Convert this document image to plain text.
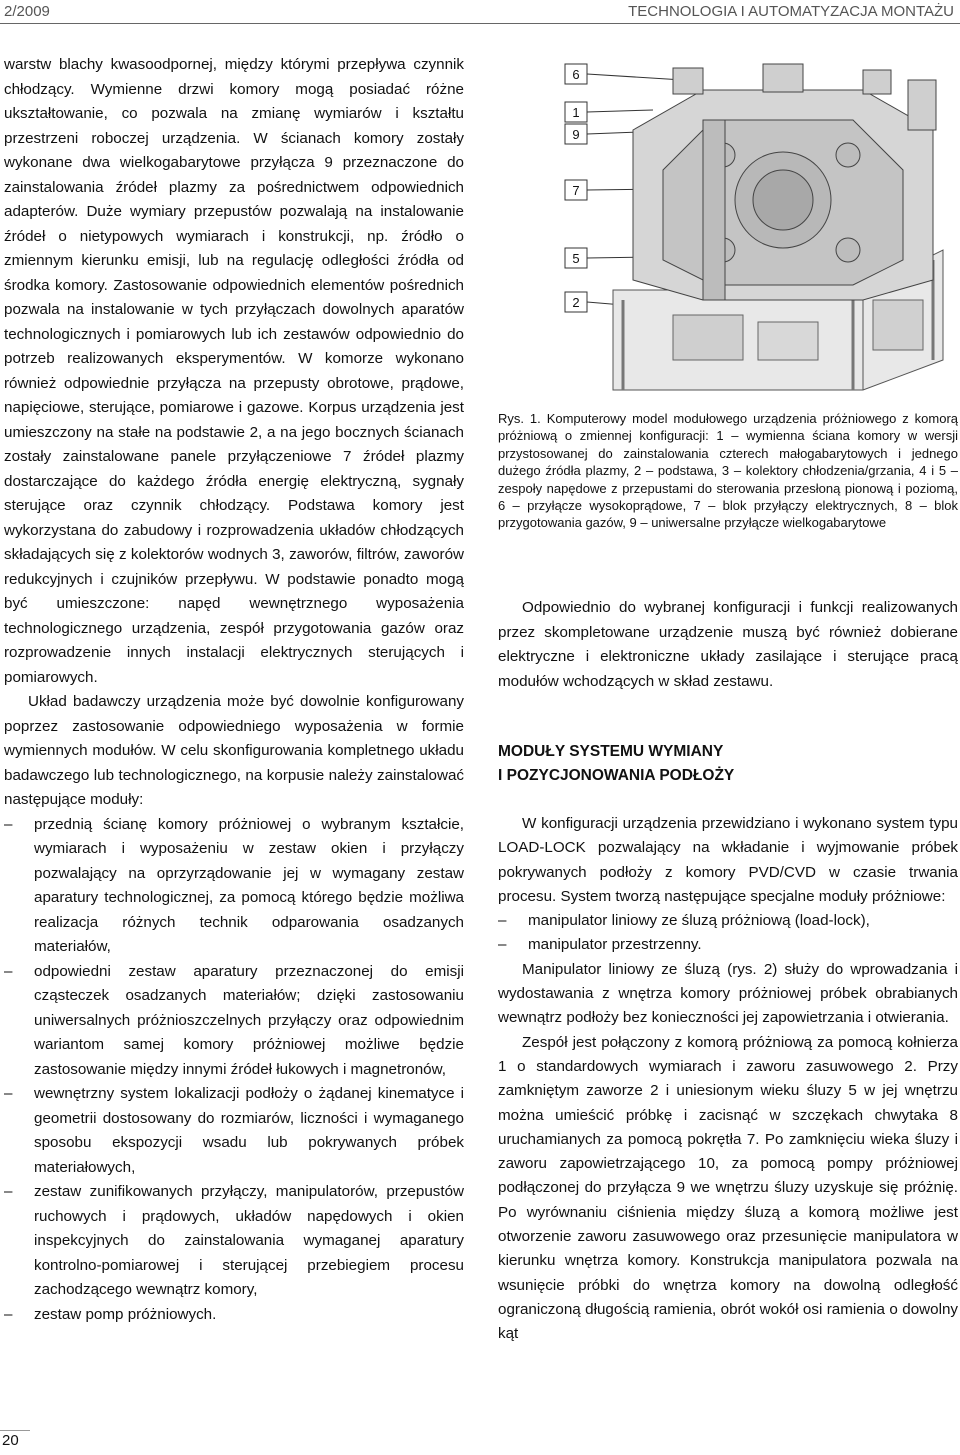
2/2009	TECHNOLOGIA I AUTOMATYZACJA MONTAŻU

warstw blachy kwasoodpornej, między którymi przepływa czynnik chłodzący. Wymienne drzwi komory mogą posiadać różne ukształtowanie, co pozwala na zmianę wymiarów i kształtu przestrzeni roboczej urządzenia. W ścianach komory zostały wykonane dwa wielkogabarytowe przyłącza 9 przeznaczone do zainstalowania źródeł plazmy za pośrednictwem odpowiednich adapterów. Duże wymiary przepustów pozwalają na instalowanie źródeł o nietypowych wymiarach i konstrukcji, np. źródło o zmiennym kierunku emisji, lub na regulację odległości źródła od środka komory. Zastosowanie odpowiednich elementów pośrednich pozwala na instalowanie w tych przyłączach dowolnych aparatów technologicznych i pomiarowych lub ich zestawów odpowiednio do potrzeb realizowanych eksperymentów. W komorze wykonano również odpowiednie przyłącza na przepusty obrotowe, prądowe, napięciowe, sterujące, pomiarowe i gazowe. Korpus urządzenia jest umieszczony na stałe na podstawie 2, a na jego bocznych ścianach zostały zainstalowane panele przyłączeniowe 7 źródeł plazmy dostarczające do każdego źródła energię elektryczną, sygnały sterujące oraz czynnik chłodzący. Podstawa komory jest wykorzystana do zabudowy i rozprowadzenia układów chłodzących składających się z kolektorów wodnych 3, zaworów, filtrów, zaworów redukcyjnych i czujników przepływu. W podstawie ponadto mogą być umieszczone: napęd wewnętrznego wyposażenia technologicznego urządzenia, zespół przygotowania gazów oraz rozprowadzenie innych instalacji elektrycznych sterujących i pomiarowych.

Układ badawczy urządzenia może być dowolnie konfigurowany poprzez zastosowanie odpowiedniego wyposażenia w formie wymiennych modułów. W celu skonfigurowania kompletnego układu badawczego lub technologicznego, na korpusie należy zainstalować następujące moduły:

– przednią ścianę komory próżniowej o wybranym kształcie, wymiarach i wyposażeniu w zestaw okien i przyłączy pozwalający na oprzyrządowanie jej w wymagany zestaw aparatury technologicznej, za pomocą którego będzie możliwa realizacja różnych technik odparowania osadzanych materiałów,
– odpowiedni zestaw aparatury przeznaczonej do emisji cząsteczek osadzanych materiałów; dzięki zastosowaniu uniwersalnych próżnioszczelnych przyłączy oraz odpowiednim wariantom samej komory próżniowej możliwe będzie zastosowanie między innymi źródeł łukowych i magnetronów,
– wewnętrzny system lokalizacji podłoży o żądanej kinematyce i geometrii dostosowany do rozmiarów, liczności i wymaganego sposobu ekspozycji wsadu lub pokrywanych próbek materiałowych,
– zestaw zunifikowanych przyłączy, manipulatorów, przepustów ruchowych i prądowych, układów napędowych i okien inspekcyjnych do zainstalowania wymaganej aparatury kontrolno-pomiarowej i sterującej przebiegiem procesu zachodzącego wewnątrz komory,
– zestaw pomp próżniowych.
6
1
9
7
5
2
Rys. 1. Komputerowy model modułowego urządzenia próżniowego z komorą próżniową o zmiennej konfiguracji: 1 – wymienna ściana komory w wersji przystosowanej do zainstalowania czterech małogabarytowych i jednego dużego źródła plazmy, 2 – podstawa, 3 – kolektory chłodzenia/grzania, 4 i 5 – zespoły napędowe z przepustami do sterowania przesłoną pionową i poziomą, 6 – przyłącze wysokoprądowe, 7 – blok przyłączy elektrycznych, 8 – blok przygotowania gazów, 9 – uniwersalne przyłącze wielkogabarytowe

Odpowiednio do wybranej konfiguracji i funkcji realizowanych przez skompletowane urządzenie muszą być również dobierane elektryczne i elektroniczne układy zasilające i sterujące pracą modułów wchodzących w skład zestawu.

MODUŁY SYSTEMU WYMIANY
I POZYCJONOWANIA PODŁOŻY

W konfiguracji urządzenia przewidziano i wykonano system typu LOAD-LOCK pozwalający na wkładanie i wyjmowanie próbek pokrywanych podłoży z komory PVD/CVD w czasie trwania procesu. System tworzą następujące specjalne moduły próżniowe:

– manipulator liniowy ze śluzą próżniową (load-lock),
– manipulator przestrzenny.

Manipulator liniowy ze śluzą (rys. 2) służy do wprowadzania i wydostawania z wnętrza komory próżniowej próbek obrabianych wewnątrz podłoży bez konieczności jej zapowietrzania i otwierania.

Zespół jest połączony z komorą próżniową za pomocą kołnierza 1 o standardowych wymiarach i zaworu zasuwowego 2. Przy zamkniętym zaworze 2 i uniesionym wieku śluzy 5 w jej wnętrzu można umieścić próbkę i zacisnąć w szczękach chwytaka 8 uruchamianych za pomocą pokrętła 7. Po zamknięciu wieka śluzy i zaworu zapowietrzającego 10, za pomocą pompy próżniowej podłączonej do przyłącza 9 we wnętrzu śluzy uzyskuje się próżnię. Po wyrównaniu ciśnienia między śluzą a komorą możliwe jest otworzenie zaworu zasuwowego oraz przesunięcie manipulatora w kierunku wnętrza komory. Konstrukcja manipulatora pozwala na wsunięcie próbki do wnętrza komory na dowolną odległość ograniczoną długością ramienia, obrót wokół osi ramienia o dowolny kąt

20
